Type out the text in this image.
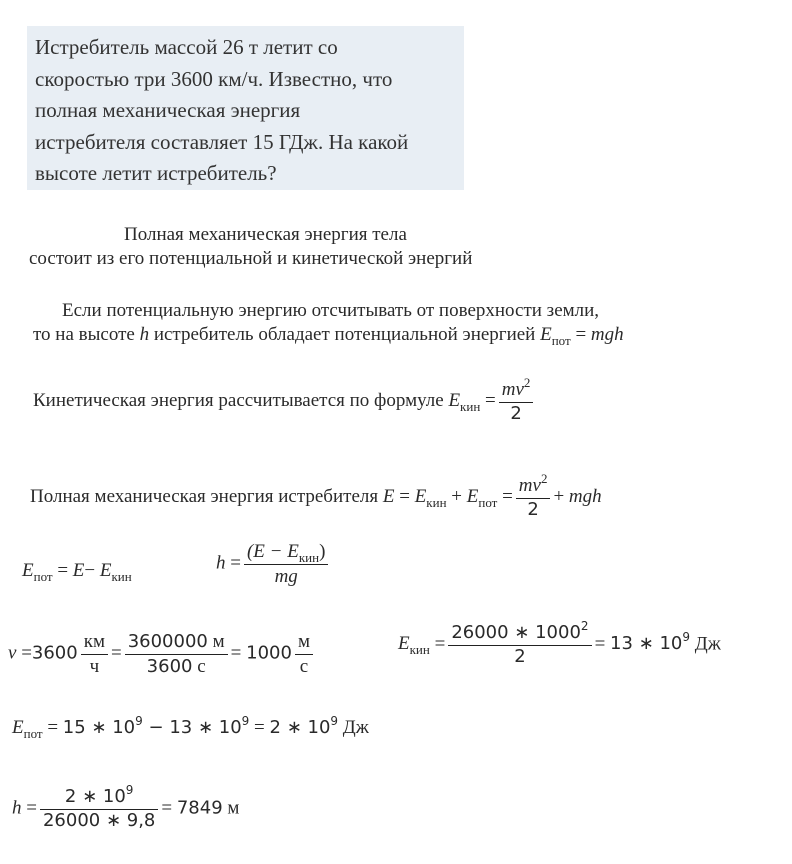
Истребитель массой 26 т летит со
скоростью три 3600 км/ч. Известно, что
полная механическая энергия
истребителя составляет 15 ГДж. На какой
высоте летит истребитель?
Полная механическая энергия тела
состоит из его потенциальной и кинетической энергий
Если потенциальную энергию отсчитывать от поверхности земли,
то на высоте h истребитель обладает потенциальной энергией $E_{пот}$ = mgh
Кинетическая энергия рассчитывается по формуле $E_{кин} = \frac{mv^2}{2}$
Полная механическая энергия истребителя $E = E_{кин} + E_{пот} = \frac{mv^2}{2}$ + mgh
$E_{пот} = E- E_{кин}$
$h = \frac{(E - E_{кин})}{mg}$
$v =3600 \frac{км}{ч} = \frac{3600000 м}{3600 с} = 1000 \frac{м}{с}$	$E_{кин} = \frac{26000 ∗ 1000^2}{2} = 13$ ∗ $10^9$ Дж
$E_{пот} = 15$ ∗ $10^9 - 13$ ∗ $10^9 = 2$ ∗ $10^9$ Дж
$h = \frac{2 ∗ 10^9}{26000 ∗ 9,8} = 7849$ м
